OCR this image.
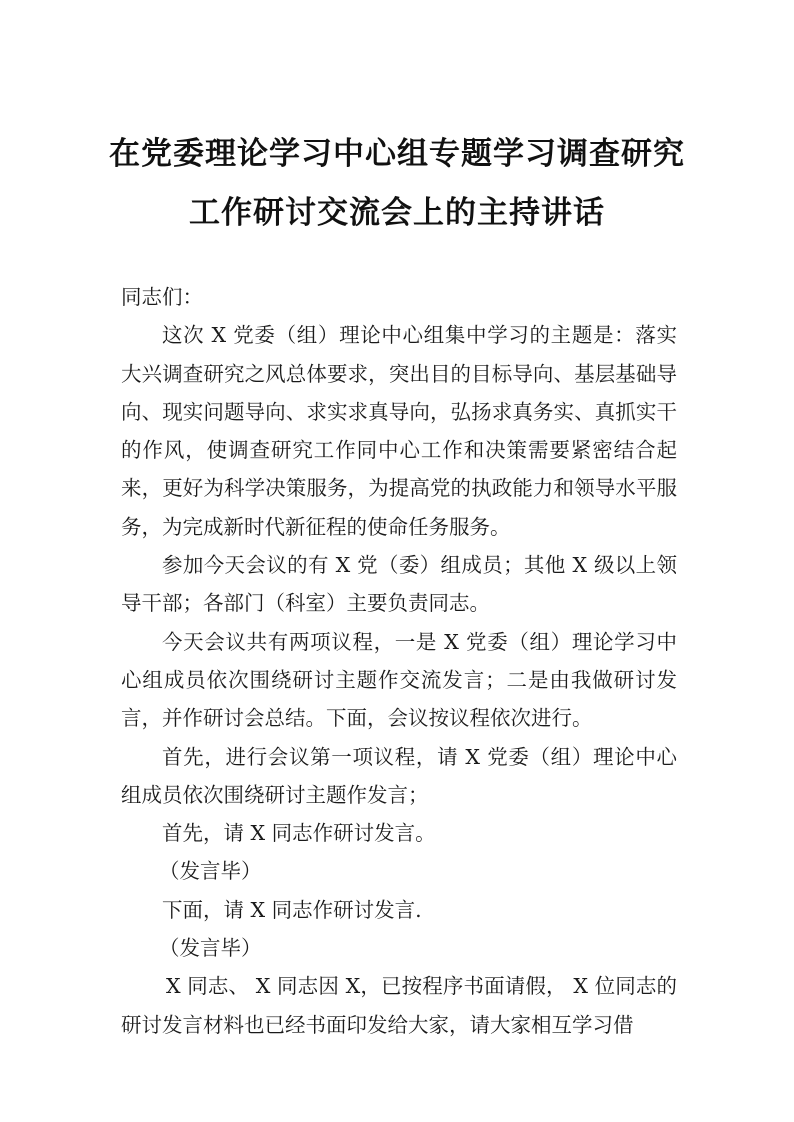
在党委理论学习中心组专题学习调查研究
工作研讨交流会上的主持讲话

同志们：

这次 X 党委（组）理论中心组集中学习的主题是：落实大兴调查研究之风总体要求，突出目的目标导向、基层基础导向、现实问题导向、求实求真导向，弘扬求真务实、真抓实干的作风，使调查研究工作同中心工作和决策需要紧密结合起来，更好为科学决策服务，为提高党的执政能力和领导水平服务，为完成新时代新征程的使命任务服务。

参加今天会议的有 X 党（委）组成员；其他 X 级以上领导干部；各部门（科室）主要负责同志。

今天会议共有两项议程，一是 X 党委（组）理论学习中心组成员依次围绕研讨主题作交流发言；二是由我做研讨发言，并作研讨会总结。下面，会议按议程依次进行。

首先，进行会议第一项议程，请 X 党委（组）理论中心组成员依次围绕研讨主题作发言；

首先，请 X 同志作研讨发言。

（发言毕）

下面，请 X 同志作研讨发言.

（发言毕）

X 同志、 X 同志因 X，已按程序书面请假， X 位同志的研讨发言材料也已经书面印发给大家，请大家相互学习借
